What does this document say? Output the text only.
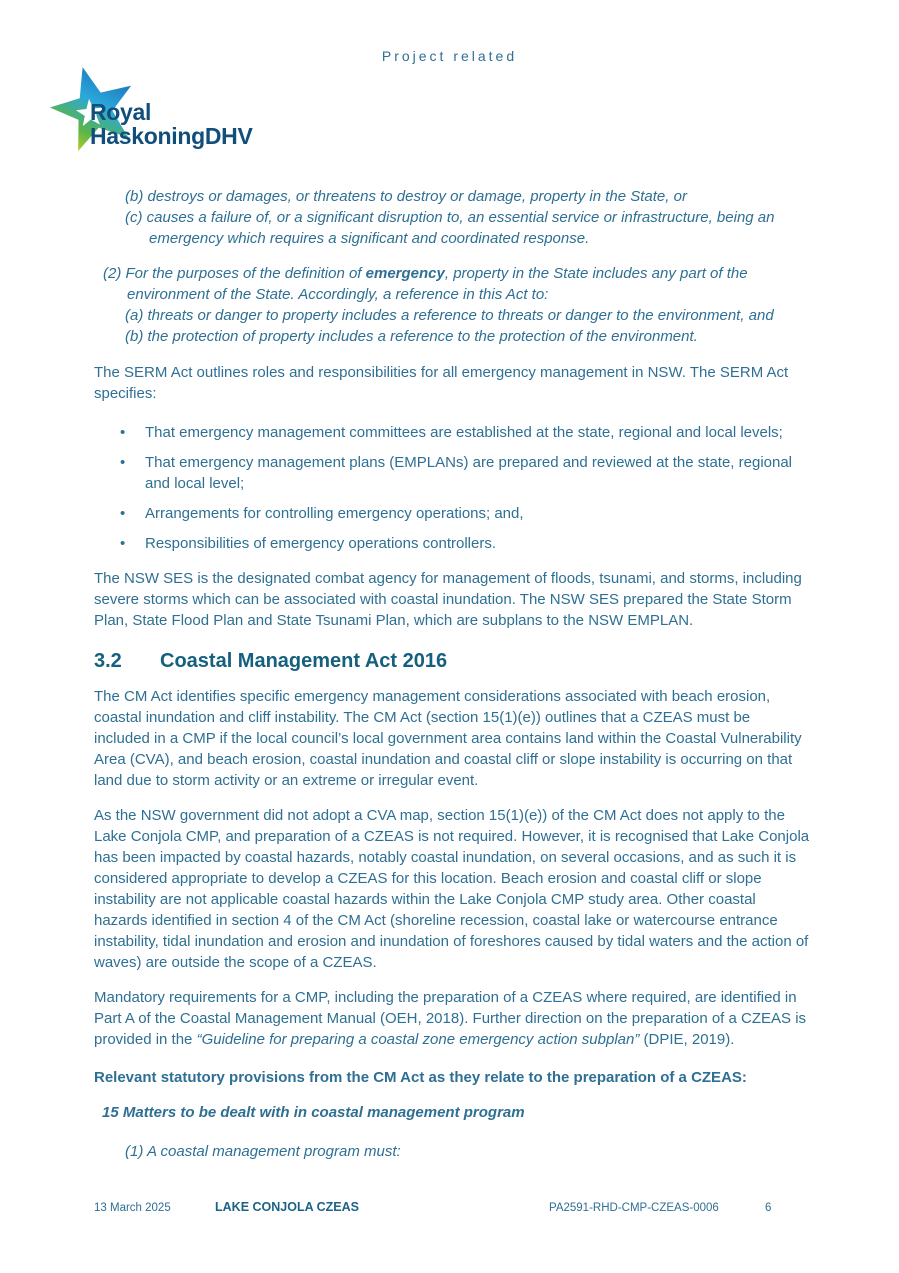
Project related
Royal
HaskoningDHV

(b) destroys or damages, or threatens to destroy or damage, property in the State, or

(c) causes a failure of, or a significant disruption to, an essential service or infrastructure, being an emergency which requires a significant and coordinated response.

(2) For the purposes of the definition of emergency, property in the State includes any part of the environment of the State. Accordingly, a reference in this Act to:

(a) threats or danger to property includes a reference to threats or danger to the environment, and

(b) the protection of property includes a reference to the protection of the environment.

The SERM Act outlines roles and responsibilities for all emergency management in NSW. The SERM Act specifies:

• That emergency management committees are established at the state, regional and local levels;
• That emergency management plans (EMPLANs) are prepared and reviewed at the state, regional and local level;
• Arrangements for controlling emergency operations; and,
• Responsibilities of emergency operations controllers.

The NSW SES is the designated combat agency for management of floods, tsunami, and storms, including severe storms which can be associated with coastal inundation. The NSW SES prepared the State Storm Plan, State Flood Plan and State Tsunami Plan, which are subplans to the NSW EMPLAN.

3.2	Coastal Management Act 2016

The CM Act identifies specific emergency management considerations associated with beach erosion, coastal inundation and cliff instability. The CM Act (section 15(1)(e)) outlines that a CZEAS must be included in a CMP if the local council’s local government area contains land within the Coastal Vulnerability Area (CVA), and beach erosion, coastal inundation and coastal cliff or slope instability is occurring on that land due to storm activity or an extreme or irregular event.

As the NSW government did not adopt a CVA map, section 15(1)(e)) of the CM Act does not apply to the Lake Conjola CMP, and preparation of a CZEAS is not required. However, it is recognised that Lake Conjola has been impacted by coastal hazards, notably coastal inundation, on several occasions, and as such it is considered appropriate to develop a CZEAS for this location. Beach erosion and coastal cliff or slope instability are not applicable coastal hazards within the Lake Conjola CMP study area. Other coastal hazards identified in section 4 of the CM Act (shoreline recession, coastal lake or watercourse entrance instability, tidal inundation and erosion and inundation of foreshores caused by tidal waters and the action of waves) are outside the scope of a CZEAS.

Mandatory requirements for a CMP, including the preparation of a CZEAS where required, are identified in Part A of the Coastal Management Manual (OEH, 2018). Further direction on the preparation of a CZEAS is provided in the “Guideline for preparing a coastal zone emergency action subplan” (DPIE, 2019).

Relevant statutory provisions from the CM Act as they relate to the preparation of a CZEAS:

15 Matters to be dealt with in coastal management program

(1) A coastal management program must:

13 March 2025	LAKE CONJOLA CZEAS	PA2591-RHD-CMP-CZEAS-0006	6
